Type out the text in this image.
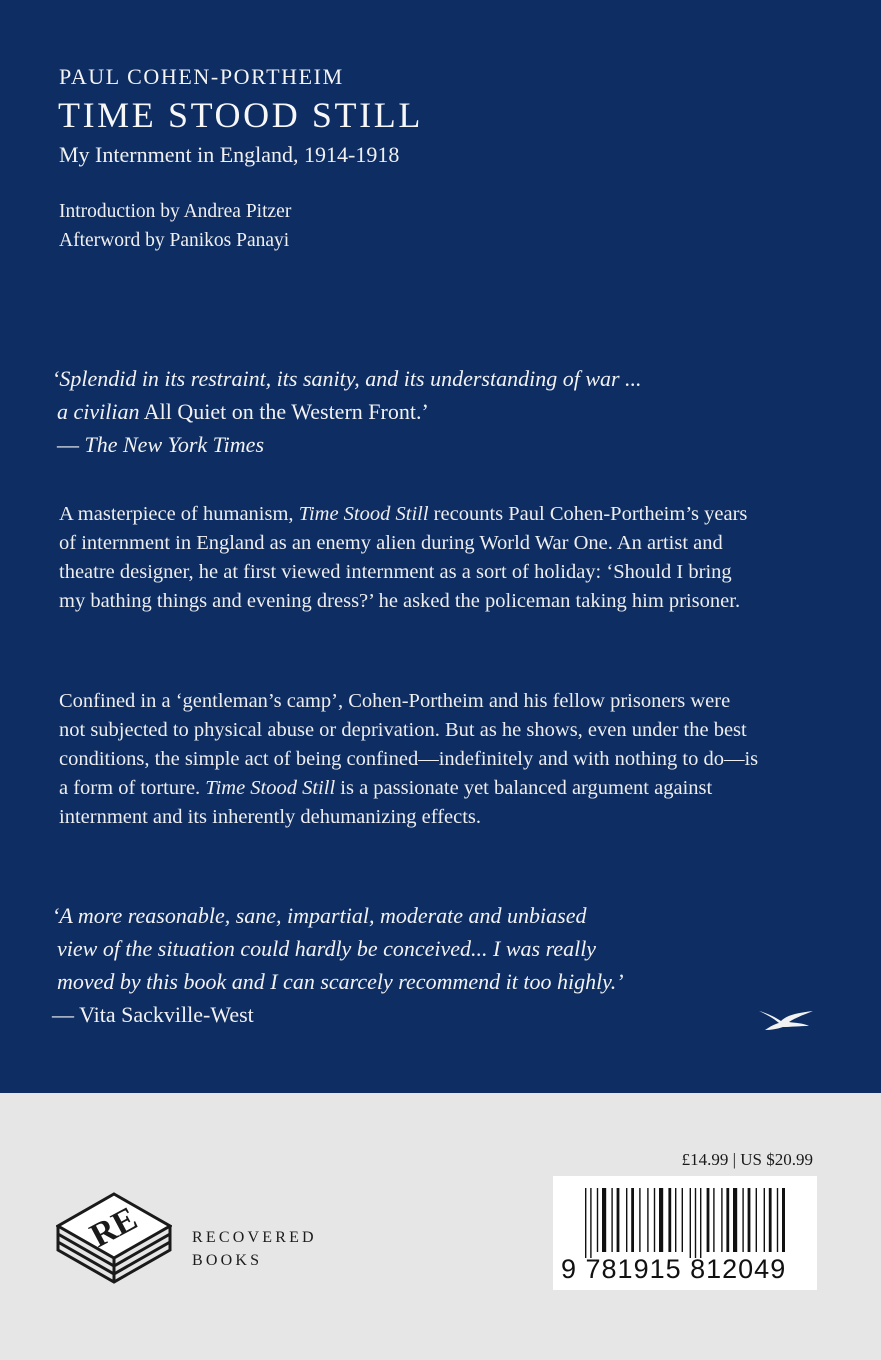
PAUL COHEN-PORTHEIM
TIME STOOD STILL
My Internment in England, 1914-1918
Introduction by Andrea Pitzer
Afterword by Panikos Panayi
‘Splendid in its restraint, its sanity, and its understanding of war ...
a civilian All Quiet on the Western Front.’
— The New York Times
A masterpiece of humanism, Time Stood Still recounts Paul Cohen-Portheim’s years of internment in England as an enemy alien during World War One. An artist and theatre designer, he at first viewed internment as a sort of holiday: ‘Should I bring my bathing things and evening dress?’ he asked the policeman taking him prisoner.
Confined in a ‘gentleman’s camp’, Cohen-Portheim and his fellow prisoners were not subjected to physical abuse or deprivation. But as he shows, even under the best conditions, the simple act of being confined—indefinitely and with nothing to do—is a form of torture. Time Stood Still is a passionate yet balanced argument against internment and its inherently dehumanizing effects.
‘A more reasonable, sane, impartial, moderate and unbiased
view of the situation could hardly be conceived... I was really
moved by this book and I can scarcely recommend it too highly.’
— Vita Sackville-West
£14.99 | US $20.99
9 781915 812049
RE	RECOVERED
BOOKS
